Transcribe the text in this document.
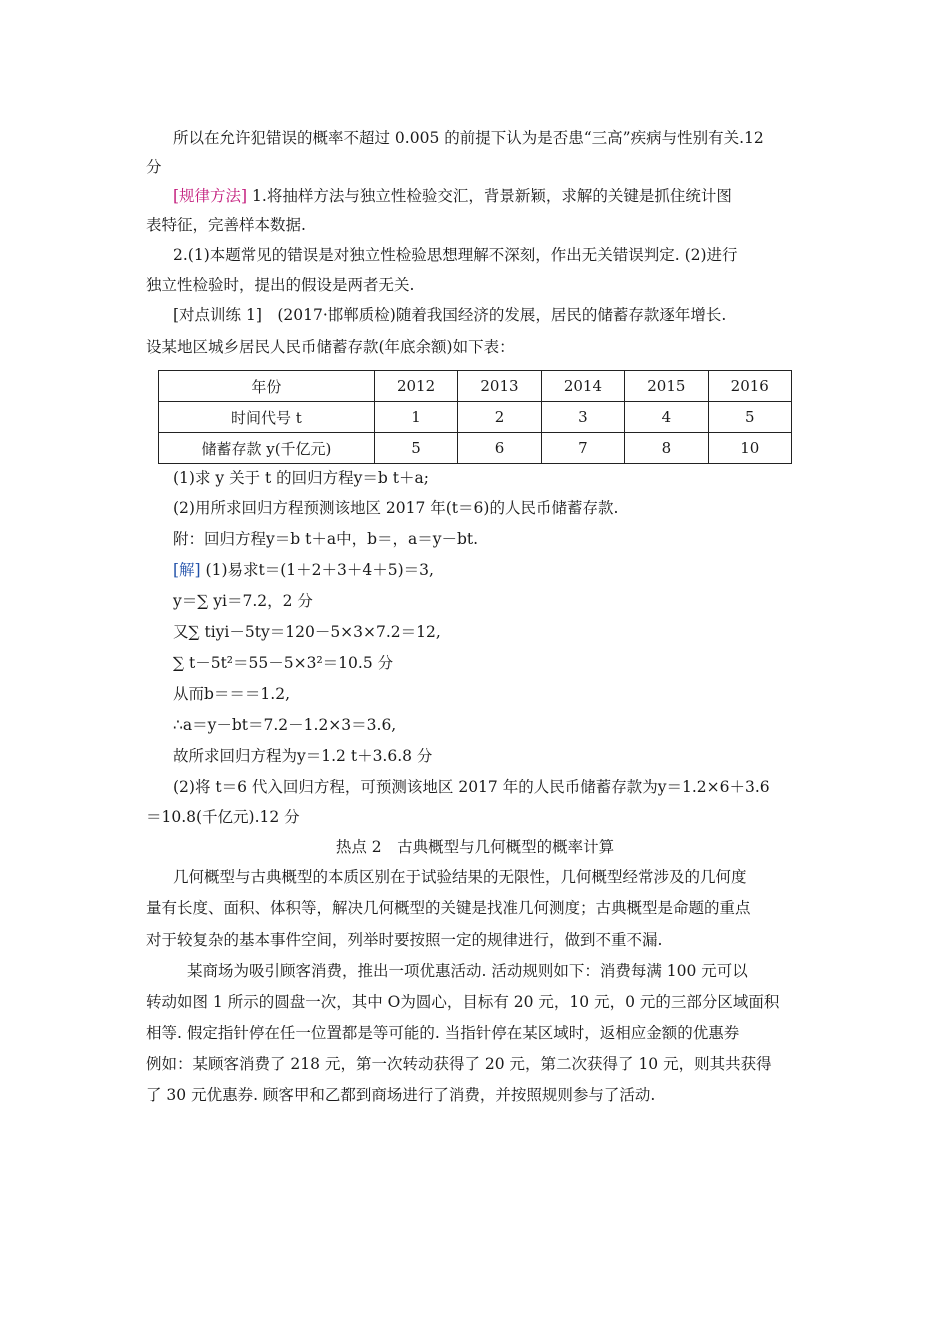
所以在允许犯错误的概率不超过 0.005 的前提下认为是否患“三高”疾病与性别有关.12
分
[规律方法] 1.将抽样方法与独立性检验交汇，背景新颖，求解的关键是抓住统计图
表特征，完善样本数据.
2.(1)本题常见的错误是对独立性检验思想理解不深刻，作出无关错误判定. (2)进行
独立性检验时，提出的假设是两者无关.
[对点训练 1]　(2017·邯郸质检)随着我国经济的发展，居民的储蓄存款逐年增长.
设某地区城乡居民人民币储蓄存款(年底余额)如下表：
年份	2012	2013	2014	2015	2016
时间代号 t	1	2	3	4	5
储蓄存款 y(千亿元)	5	6	7	8	10
(1)求 y 关于 t 的回归方程y＝b t＋a;
(2)用所求回归方程预测该地区 2017 年(t＝6)的人民币储蓄存款.
附：回归方程y＝b t＋a中，b＝，a＝y－bt.
[解] (1)易求t＝(1＋2＋3＋4＋5)＝3,
y＝∑ yi＝7.2，2 分
又∑ tiyi－5ty＝120－5×3×7.2＝12,
∑ t－5t²＝55－5×3²＝10.5 分
从而b＝＝＝1.2,
∴a＝y－bt＝7.2－1.2×3＝3.6,
故所求回归方程为y＝1.2 t＋3.6.8 分
(2)将 t＝6 代入回归方程，可预测该地区 2017 年的人民币储蓄存款为y＝1.2×6＋3.6
＝10.8(千亿元).12 分
热点 2　古典概型与几何概型的概率计算
几何概型与古典概型的本质区别在于试验结果的无限性，几何概型经常涉及的几何度
量有长度、面积、体积等，解决几何概型的关键是找准几何测度；古典概型是命题的重点
对于较复杂的基本事件空间，列举时要按照一定的规律进行，做到不重不漏.
某商场为吸引顾客消费，推出一项优惠活动. 活动规则如下：消费每满 100 元可以
转动如图 1 所示的圆盘一次，其中 O为圆心，目标有 20 元，10 元，0 元的三部分区域面积
相等. 假定指针停在任一位置都是等可能的. 当指针停在某区域时，返相应金额的优惠券
例如：某顾客消费了 218 元，第一次转动获得了 20 元，第二次获得了 10 元，则其共获得
了 30 元优惠券. 顾客甲和乙都到商场进行了消费，并按照规则参与了活动.
